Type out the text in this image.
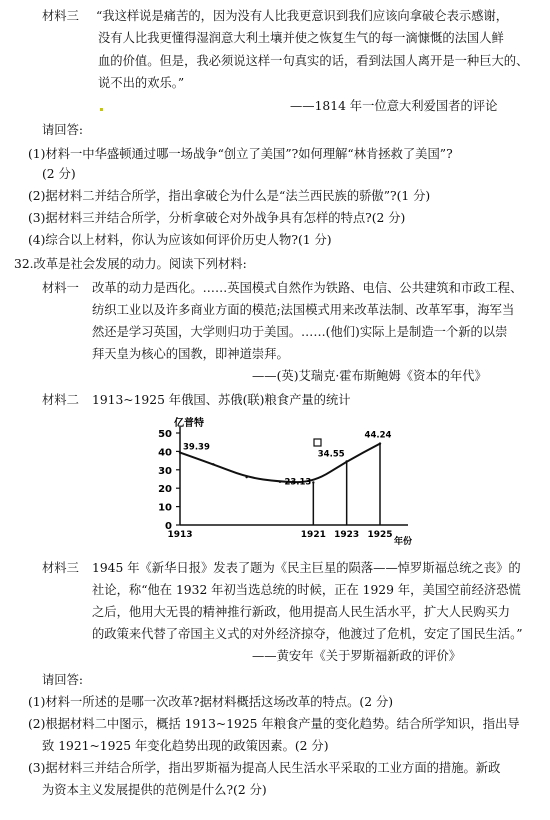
材料三 “我这样说是痛苦的，因为没有人比我更意识到我们应该向拿破仑表示感谢，
没有人比我更懂得湿润意大利土壤并使之恢复生气的每一滴慷慨的法国人鲜
血的价值。但是，我必须说这样一句真实的话，看到法国人离开是一种巨大的、
说不出的欢乐。”
——1814 年一位意大利爱国者的评论
请回答:
(1)材料一中华盛顿通过哪一场战争“创立了美国”?如何理解“林肯拯救了美国”?
(2 分)
(2)据材料二并结合所学，指出拿破仑为什么是“法兰西民族的骄傲”?(1 分)
(3)据材料三并结合所学，分析拿破仑对外战争具有怎样的特点?(2 分)
(4)综合以上材料，你认为应该如何评价历史人物?(1 分)
32.改革是社会发展的动力。阅读下列材料:
材料一 改革的动力是西化。……英国模式自然作为铁路、电信、公共建筑和市政工程、
纺织工业以及许多商业方面的模范;法国模式用来改革法制、改革军事，海军当
然还是学习英国，大学则归功于美国。……(他们)实际上是制造一个新的以崇
拜天皇为核心的国教，即神道崇拜。
——(英)艾瑞克·霍布斯鲍姆《资本的年代》
材料二 1913~1925 年俄国、苏俄(联)粮食产量的统计
亿普特
年份
0
10
20
30
40
50
1913	1921 1923 1925
39.39
23.13
34.55
44.24
材料三 1945 年《新华日报》发表了题为《民主巨星的陨落——悼罗斯福总统之丧》的
社论，称“他在 1932 年初当选总统的时候，正在 1929 年，美国空前经济恐慌
之后，他用大无畏的精神推行新政，他用提高人民生活水平，扩大人民购买力
的政策来代替了帝国主义式的对外经济掠夺，他渡过了危机，安定了国民生活。”
——黄安年《关于罗斯福新政的评价》
请回答:
(1)材料一所述的是哪一次改革?据材料概括这场改革的特点。(2 分)
(2)根据材料二中图示，概括 1913~1925 年粮食产量的变化趋势。结合所学知识，指出导
致 1921~1925 年变化趋势出现的政策因素。(2 分)
(3)据材料三并结合所学，指出罗斯福为提高人民生活水平采取的工业方面的措施。新政
为资本主义发展提供的范例是什么?(2 分)
